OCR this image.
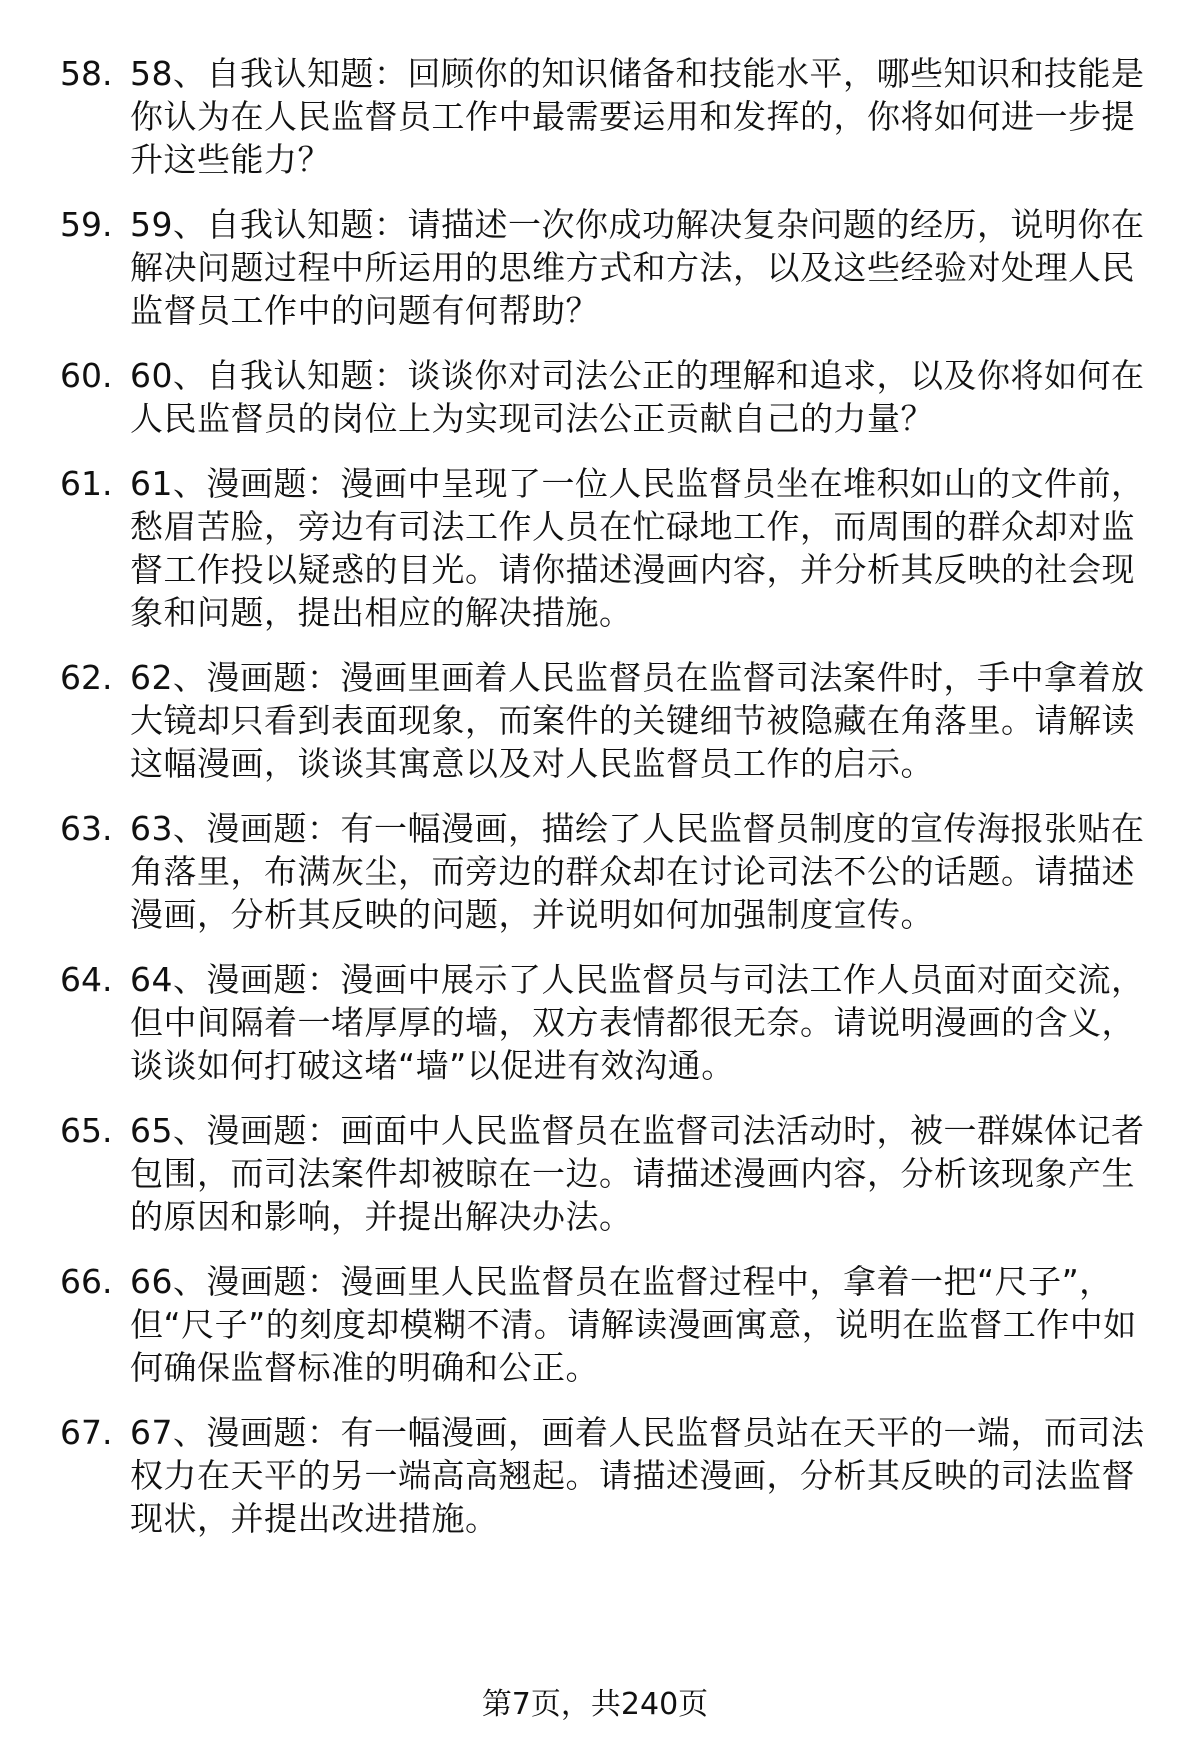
58. 58、自我认知题：回顾你的知识储备和技能水平，哪些知识和技能是你认为在人民监督员工作中最需要运用和发挥的，你将如何进一步提升这些能力？
59. 59、自我认知题：请描述一次你成功解决复杂问题的经历，说明你在解决问题过程中所运用的思维方式和方法，以及这些经验对处理人民监督员工作中的问题有何帮助？
60. 60、自我认知题：谈谈你对司法公正的理解和追求，以及你将如何在人民监督员的岗位上为实现司法公正贡献自己的力量？
61. 61、漫画题：漫画中呈现了一位人民监督员坐在堆积如山的文件前，愁眉苦脸，旁边有司法工作人员在忙碌地工作，而周围的群众却对监督工作投以疑惑的目光。请你描述漫画内容，并分析其反映的社会现象和问题，提出相应的解决措施。
62. 62、漫画题：漫画里画着人民监督员在监督司法案件时，手中拿着放大镜却只看到表面现象，而案件的关键细节被隐藏在角落里。请解读这幅漫画，谈谈其寓意以及对人民监督员工作的启示。
63. 63、漫画题：有一幅漫画，描绘了人民监督员制度的宣传海报张贴在角落里，布满灰尘，而旁边的群众却在讨论司法不公的话题。请描述漫画，分析其反映的问题，并说明如何加强制度宣传。
64. 64、漫画题：漫画中展示了人民监督员与司法工作人员面对面交流，但中间隔着一堵厚厚的墙，双方表情都很无奈。请说明漫画的含义，谈谈如何打破这堵“墙”以促进有效沟通。
65. 65、漫画题：画面中人民监督员在监督司法活动时，被一群媒体记者包围，而司法案件却被晾在一边。请描述漫画内容，分析该现象产生的原因和影响，并提出解决办法。
66. 66、漫画题：漫画里人民监督员在监督过程中，拿着一把“尺子”，但“尺子”的刻度却模糊不清。请解读漫画寓意，说明在监督工作中如何确保监督标准的明确和公正。
67. 67、漫画题：有一幅漫画，画着人民监督员站在天平的一端，而司法权力在天平的另一端高高翘起。请描述漫画，分析其反映的司法监督现状，并提出改进措施。
第7页，共240页
